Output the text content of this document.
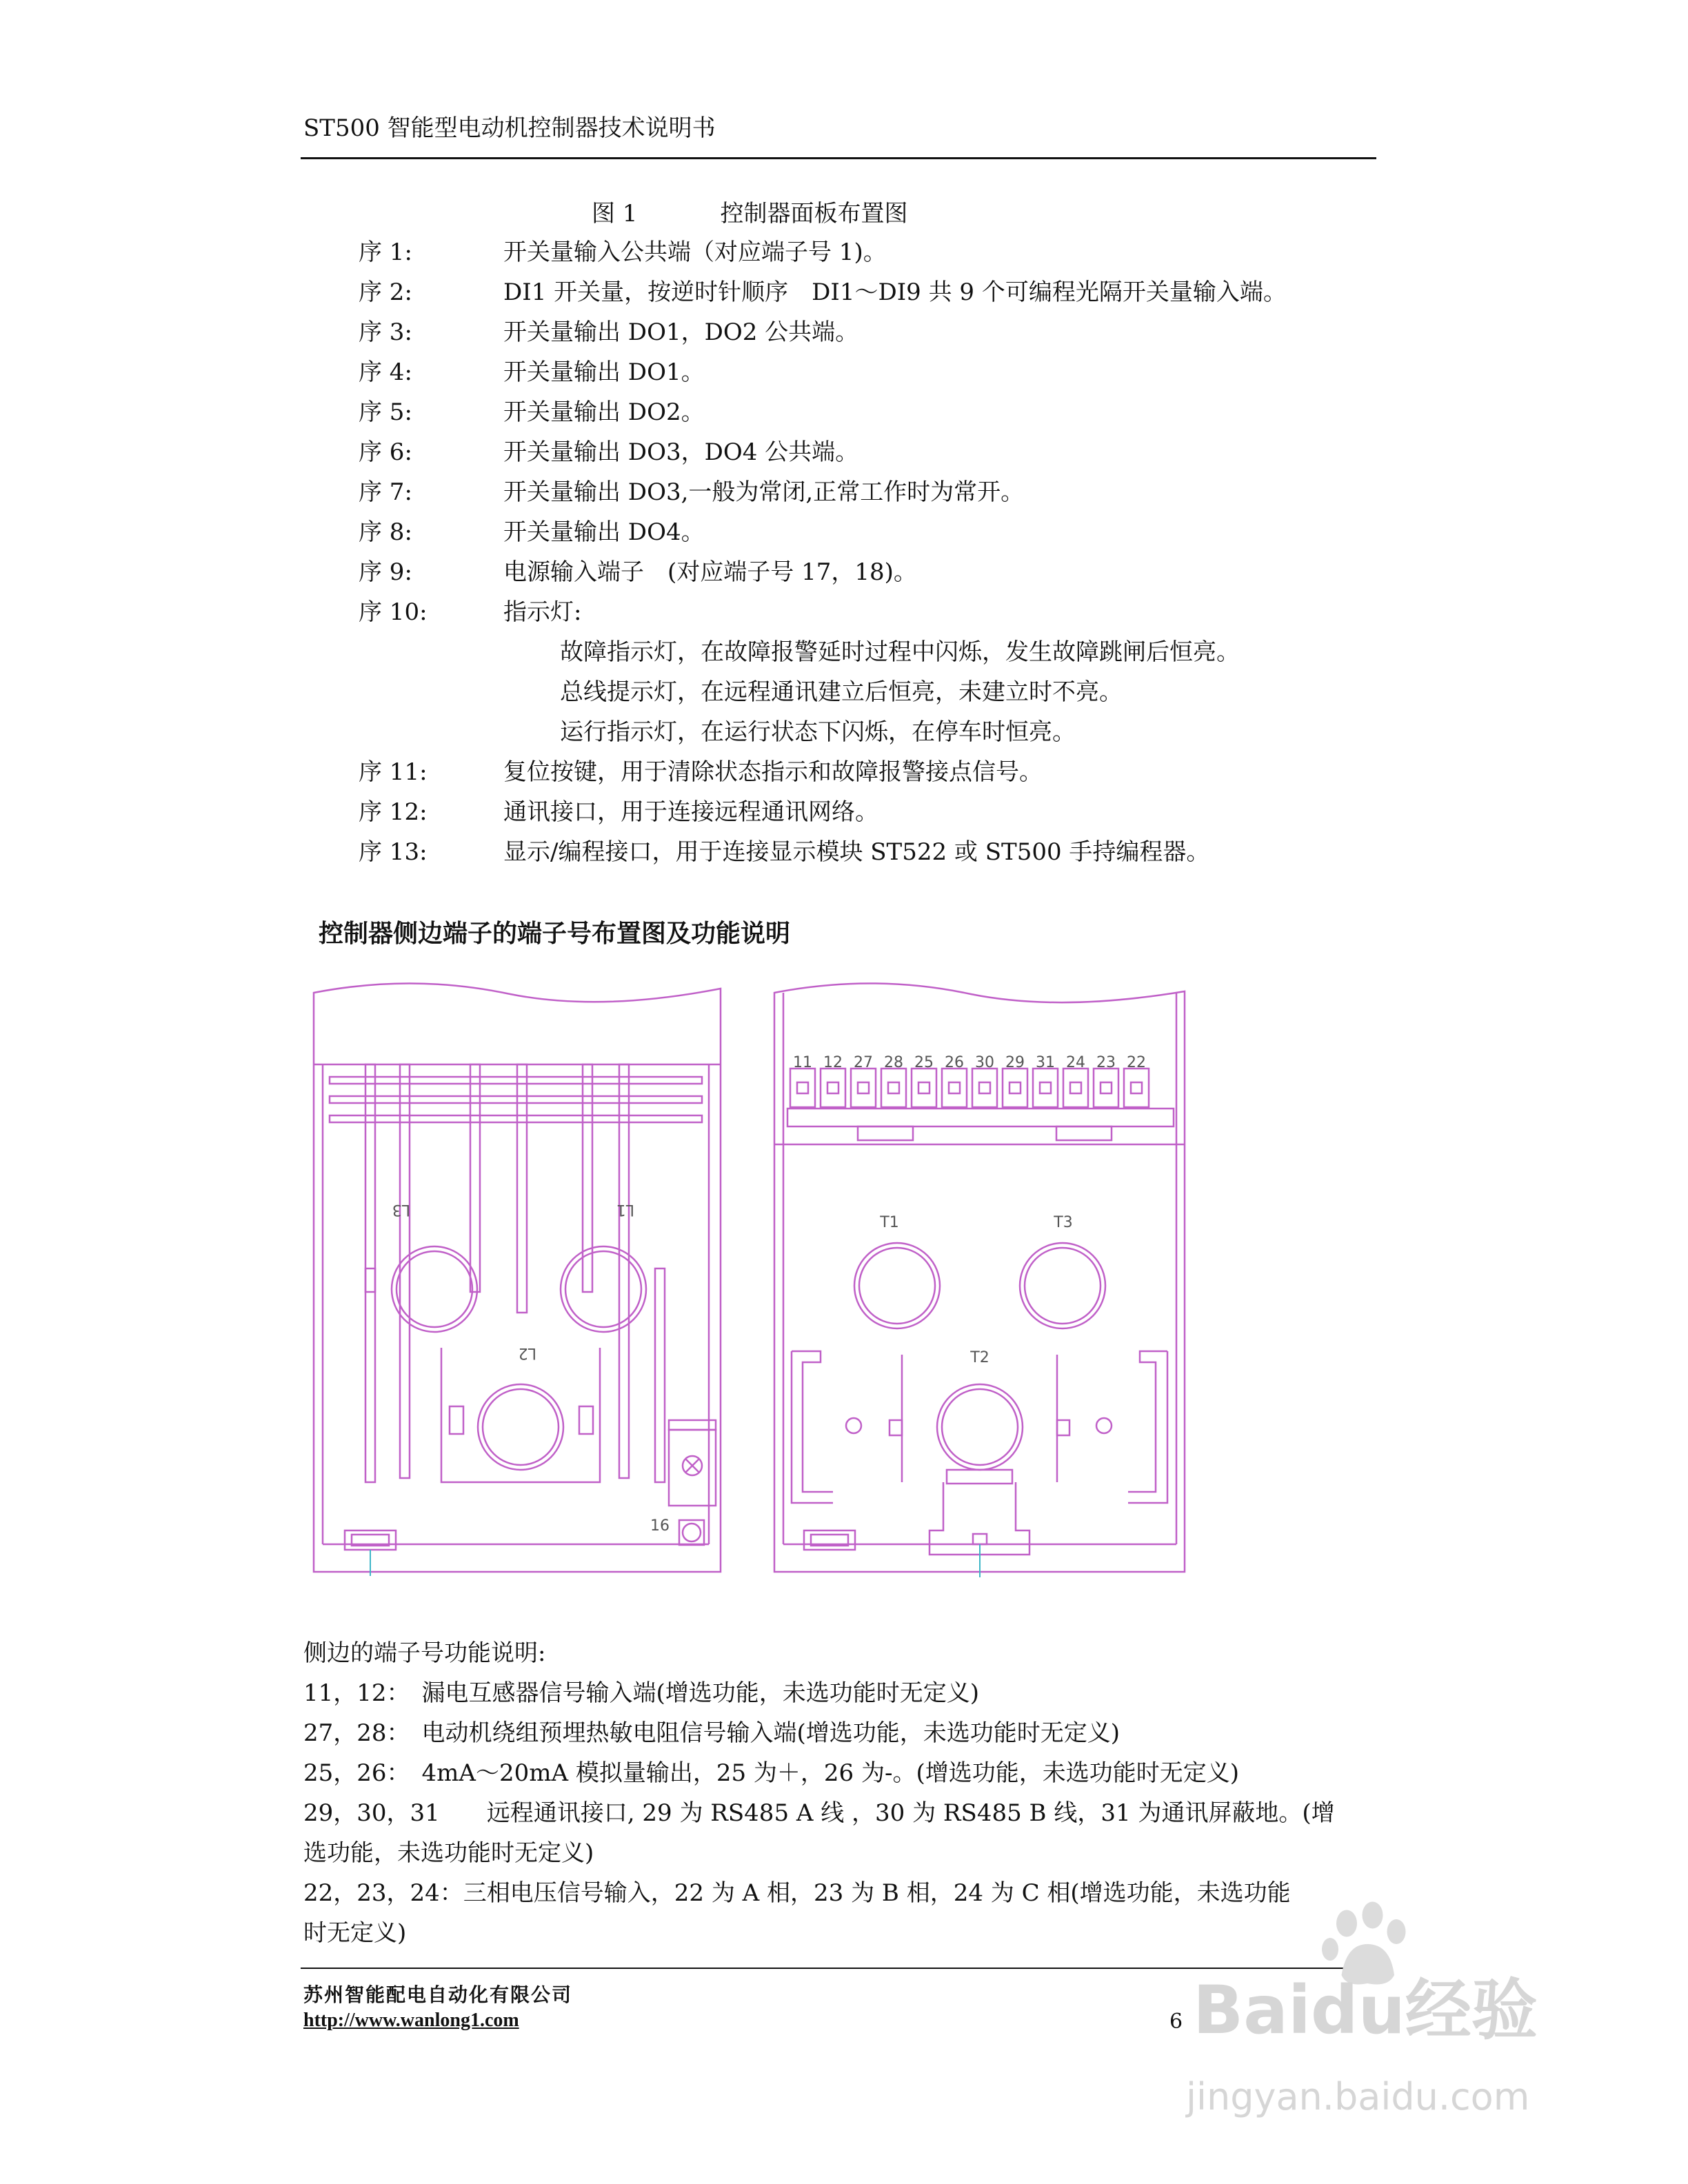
ST500 智能型电动机控制器技术说明书
图 1	控制器面板布置图
序 1:	开关量输入公共端（对应端子号 1)。
序 2:	DI1 开关量，按逆时针顺序　DI1～DI9 共 9 个可编程光隔开关量输入端。
序 3:	开关量输出 DO1，DO2 公共端。
序 4:	开关量输出 DO1。
序 5:	开关量输出 DO2。
序 6:	开关量输出 DO3，DO4 公共端。
序 7:	开关量输出 DO3,一般为常闭,正常工作时为常开。
序 8:	开关量输出 DO4。
序 9:	电源输入端子　(对应端子号 17，18)。
序 10:	指示灯:
故障指示灯，在故障报警延时过程中闪烁，发生故障跳闸后恒亮。
总线提示灯，在远程通讯建立后恒亮，未建立时不亮。
运行指示灯，在运行状态下闪烁，在停车时恒亮。
序 11:	复位按键，用于清除状态指示和故障报警接点信号。
序 12:	通讯接口，用于连接远程通讯网络。
序 13:	显示/编程接口，用于连接显示模块 ST522 或 ST500 手持编程器。
控制器侧边端子的端子号布置图及功能说明
L3	L1
L2
16
11 12 27 28 25 26 30 29 31 24 23 22
T1	T3
T2
侧边的端子号功能说明:
11，12：　漏电互感器信号输入端(增选功能，未选功能时无定义)
27，28：　电动机绕组预埋热敏电阻信号输入端(增选功能，未选功能时无定义)
25，26：　4mA～20mA 模拟量输出，25 为＋，26 为-。(增选功能，未选功能时无定义)
29，30，31　　远程通讯接口, 29 为 RS485 A 线 ，30 为 RS485 B 线，31 为通讯屏蔽地。(增
选功能，未选功能时无定义)
22，23，24：三相电压信号输入，22 为 A 相，23 为 B 相，24 为 C 相(增选功能，未选功能
时无定义)
苏州智能配电自动化有限公司
http://www.wanlong1.com	6 Baidu经验
jingyan.baidu.com
